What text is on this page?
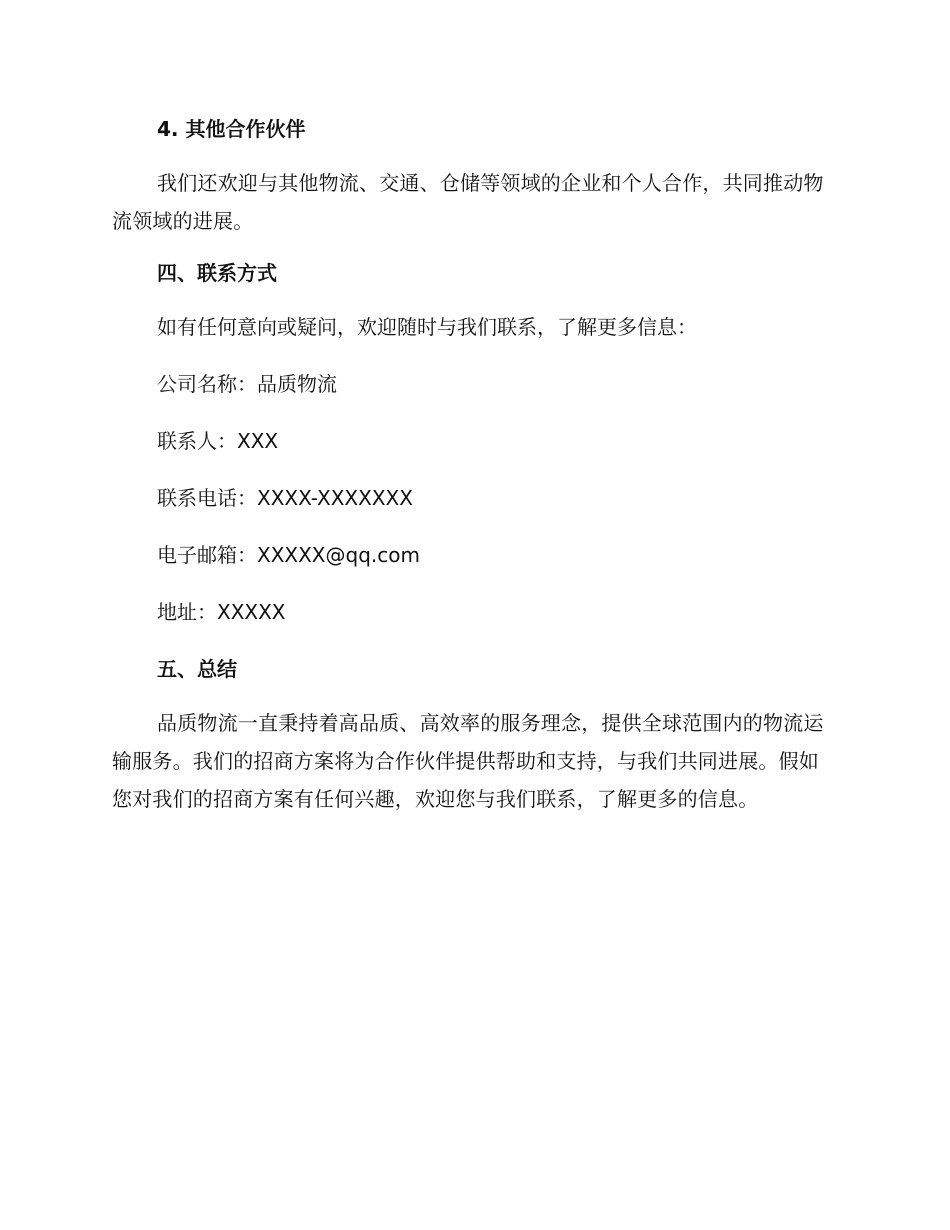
4. 其他合作伙伴

我们还欢迎与其他物流、交通、仓储等领域的企业和个人合作，共同推动物流领域的进展。

四、联系方式
如有任何意向或疑问，欢迎随时与我们联系，了解更多信息：
公司名称：品质物流
联系人：XXX
联系电话：XXXX-XXXXXXX
电子邮箱：XXXXX@qq.com
地址：XXXXX
五、总结

品质物流一直秉持着高品质、高效率的服务理念，提供全球范围内的物流运输服务。我们的招商方案将为合作伙伴提供帮助和支持，与我们共同进展。假如您对我们的招商方案有任何兴趣，欢迎您与我们联系，了解更多的信息。
